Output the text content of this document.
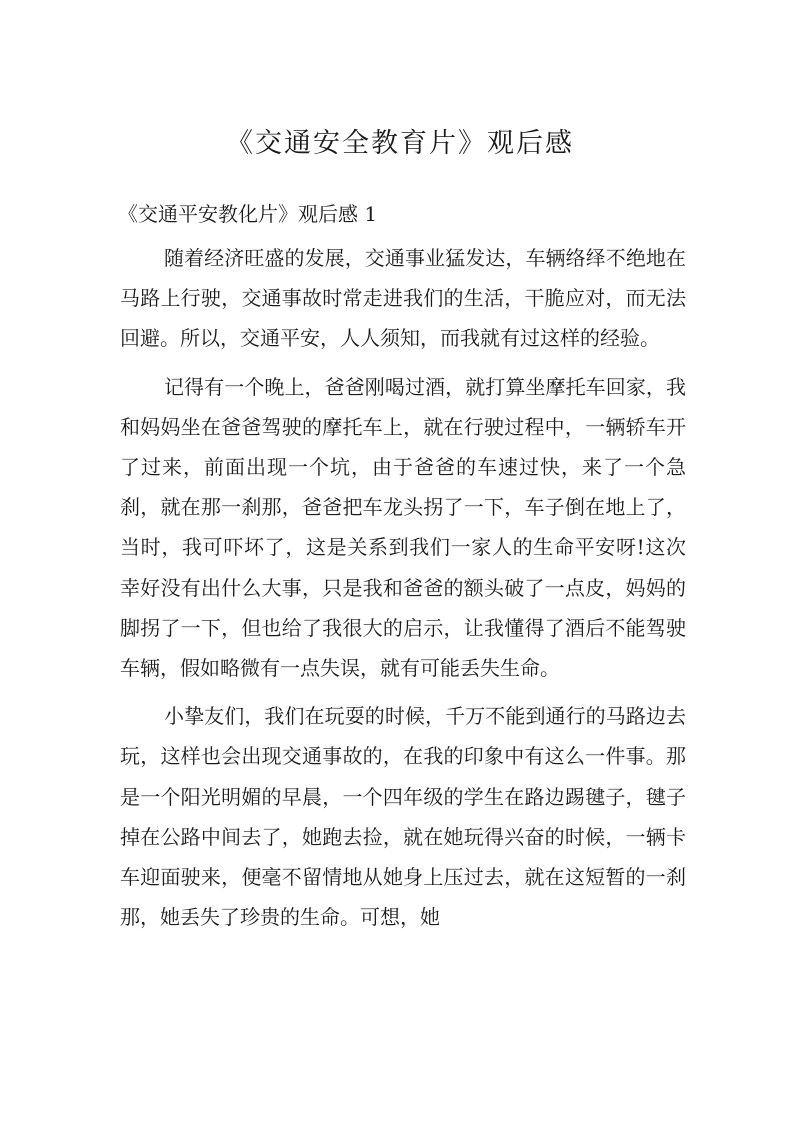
《交通安全教育片》观后感

《交通平安教化片》观后感 1

随着经济旺盛的发展，交通事业猛发达，车辆络绎不绝地在马路上行驶，交通事故时常走进我们的生活，干脆应对，而无法回避。所以，交通平安，人人须知，而我就有过这样的经验。

记得有一个晚上，爸爸刚喝过酒，就打算坐摩托车回家，我和妈妈坐在爸爸驾驶的摩托车上，就在行驶过程中，一辆轿车开了过来，前面出现一个坑，由于爸爸的车速过快，来了一个急刹，就在那一刹那，爸爸把车龙头拐了一下，车子倒在地上了，当时，我可吓坏了，这是关系到我们一家人的生命平安呀!这次幸好没有出什么大事，只是我和爸爸的额头破了一点皮，妈妈的脚拐了一下，但也给了我很大的启示，让我懂得了酒后不能驾驶车辆，假如略微有一点失误，就有可能丢失生命。

小挚友们，我们在玩耍的时候，千万不能到通行的马路边去玩，这样也会出现交通事故的，在我的印象中有这么一件事。那是一个阳光明媚的早晨，一个四年级的学生在路边踢毽子，毽子掉在公路中间去了，她跑去捡，就在她玩得兴奋的时候，一辆卡车迎面驶来，便毫不留情地从她身上压过去，就在这短暂的一刹那，她丢失了珍贵的生命。可想，她
